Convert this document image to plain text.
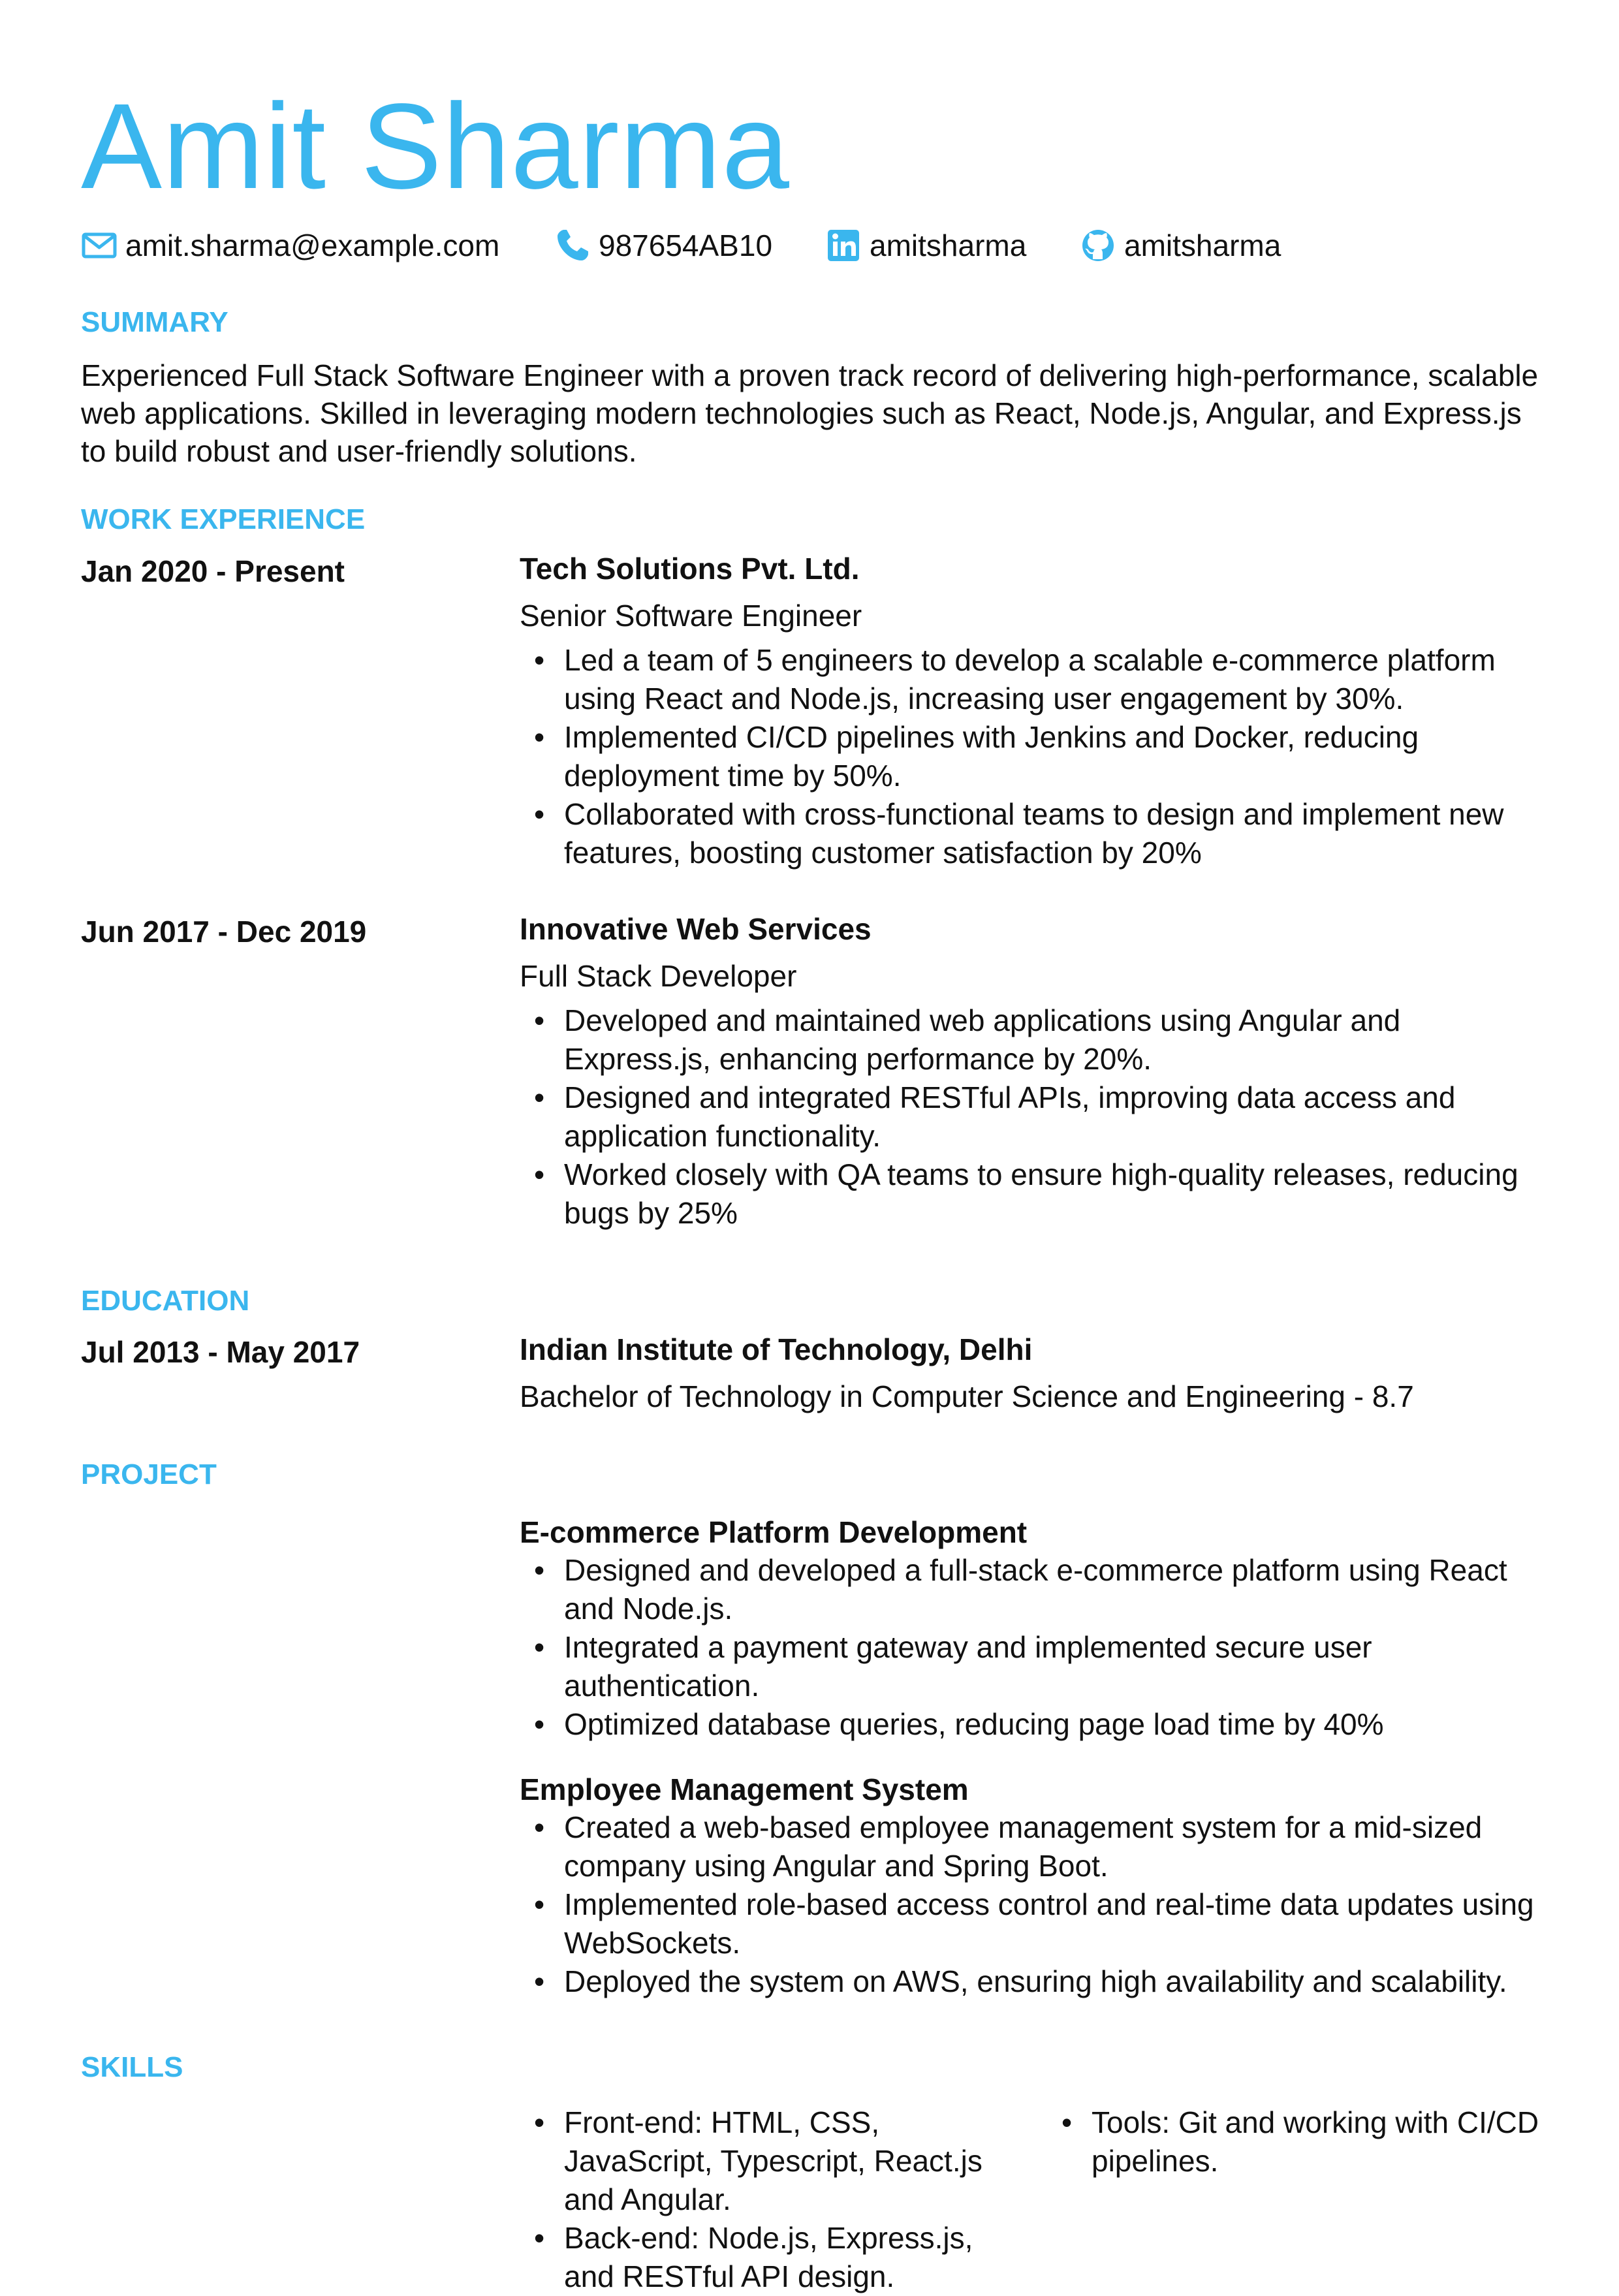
Amit Sharma
amit.sharma@example.com	987654AB10	amitsharma	amitsharma
SUMMARY

Experienced Full Stack Software Engineer with a proven track record of delivering high-performance, scalable web applications. Skilled in leveraging modern technologies such as React, Node.js, Angular, and Express.js to build robust and user-friendly solutions.

WORK EXPERIENCE
Jan 2020 - Present	Tech Solutions Pvt. Ltd.
Senior Software Engineer
• Led a team of 5 engineers to develop a scalable e-commerce platform using React and Node.js, increasing user engagement by 30%.
• Implemented CI/CD pipelines with Jenkins and Docker, reducing deployment time by 50%.
• Collaborated with cross-functional teams to design and implement new features, boosting customer satisfaction by 20%
Jun 2017 - Dec 2019	Innovative Web Services
Full Stack Developer
• Developed and maintained web applications using Angular and Express.js, enhancing performance by 20%.
• Designed and integrated RESTful APIs, improving data access and application functionality.
• Worked closely with QA teams to ensure high-quality releases, reducing bugs by 25%
EDUCATION
Jul 2013 - May 2017	Indian Institute of Technology, Delhi
Bachelor of Technology in Computer Science and Engineering - 8.7
PROJECT
E-commerce Platform Development
• Designed and developed a full-stack e-commerce platform using React and Node.js.
• Integrated a payment gateway and implemented secure user authentication.
• Optimized database queries, reducing page load time by 40%
Employee Management System
• Created a web-based employee management system for a mid-sized company using Angular and Spring Boot.
• Implemented role-based access control and real-time data updates using WebSockets.
• Deployed the system on AWS, ensuring high availability and scalability.
SKILLS
• Front-end: HTML, CSS, JavaScript, Typescript, React.js and Angular.
• Back-end: Node.js, Express.js, and RESTful API design.
• Tools: Git and working with CI/CD pipelines.
